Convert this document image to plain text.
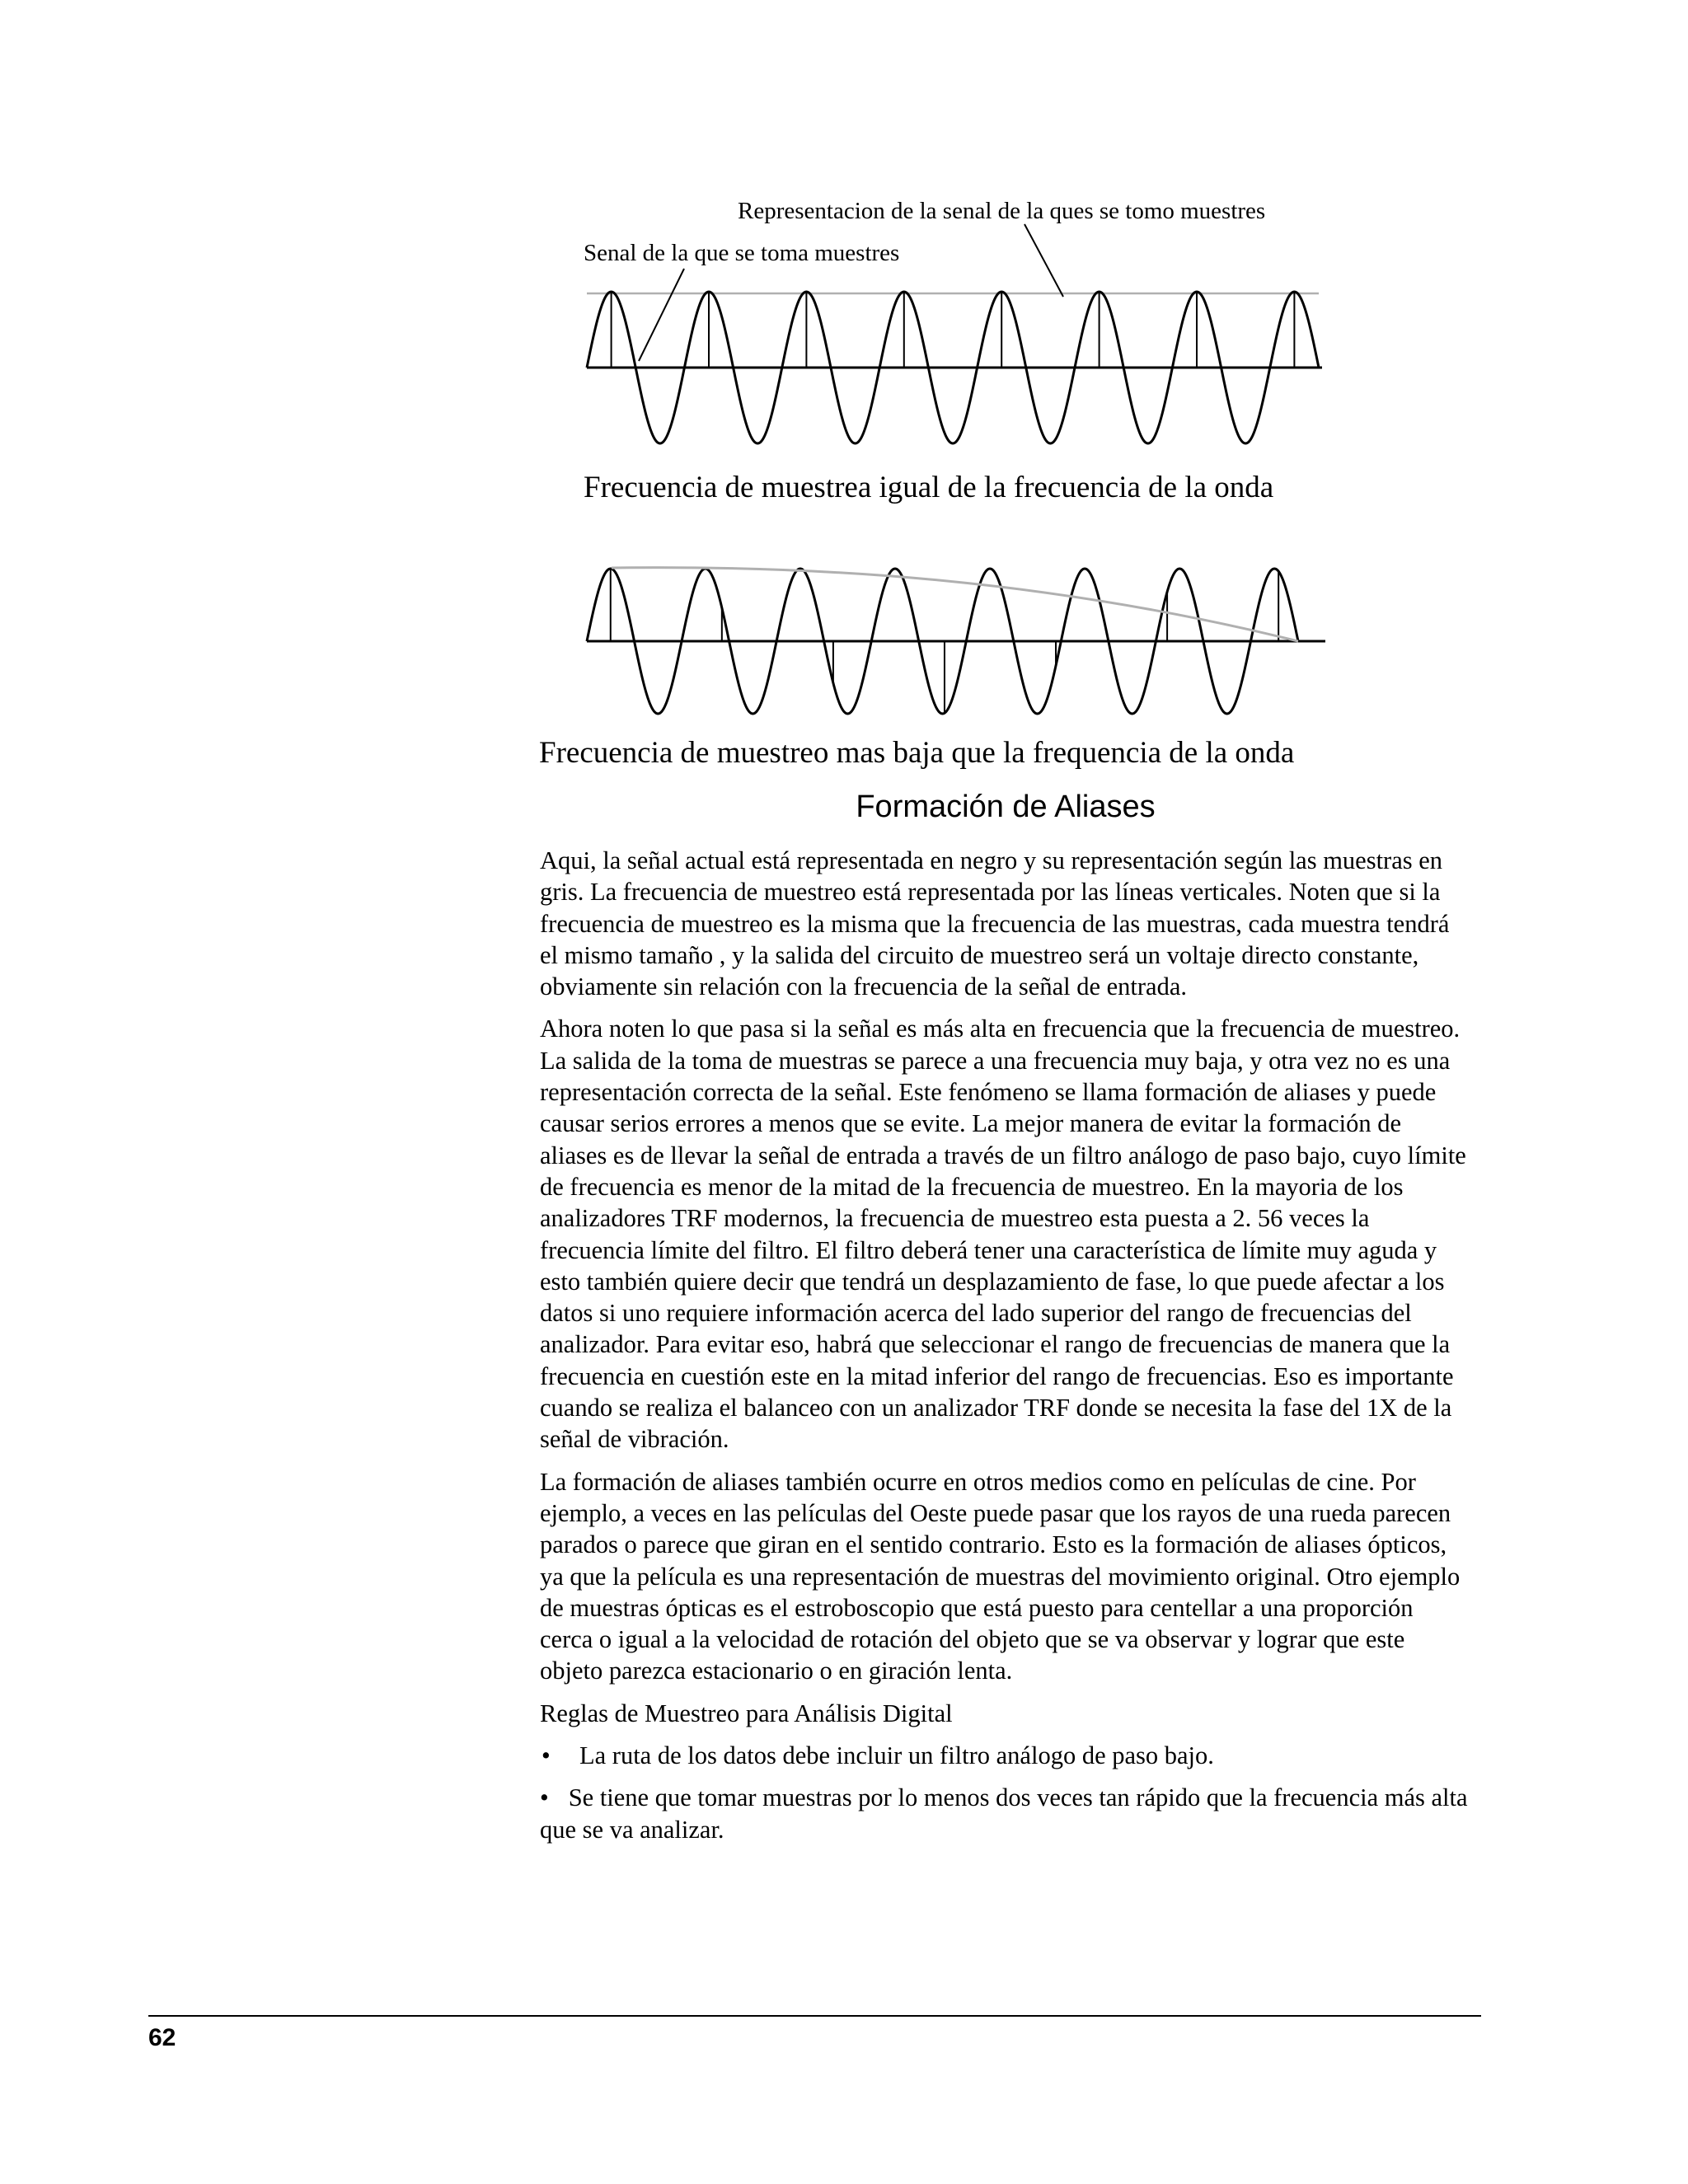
Representacion de la senal de la ques se tomo muestres
Senal de la que se toma muestres
Frecuencia de muestrea igual de la frecuencia de la onda
Frecuencia de muestreo mas baja que la frequencia de la onda
Formación de Aliases

Aqui, la señal actual está representada en negro y su representación según las muestras en gris. La frecuencia de muestreo está representada por las líneas verticales. Noten que si la frecuencia de muestreo es la misma que la frecuencia de las muestras, cada muestra tendrá el mismo tamaño , y la salida del circuito de muestreo será un voltaje directo constante, obviamente sin relación con la frecuencia de la señal de entrada.

Ahora noten lo que pasa si la señal es más alta en frecuencia que la frecuencia de muestreo. La salida de la toma de muestras se parece a una frecuencia muy baja, y otra vez no es una representación correcta de la señal. Este fenómeno se llama formación de aliases y puede causar serios errores a menos que se evite. La mejor manera de evitar la formación de aliases es de llevar la señal de entrada a través de un filtro análogo de paso bajo, cuyo límite de frecuencia es menor de la mitad de la frecuencia de muestreo. En la mayoria de los analizadores TRF modernos, la frecuencia de muestreo esta puesta a 2. 56 veces la frecuencia límite del filtro. El filtro deberá tener una característica de límite muy aguda y esto también quiere decir que tendrá un desplazamiento de fase, lo que puede afectar a los datos si uno requiere información acerca del lado superior del rango de frecuencias del analizador. Para evitar eso, habrá que seleccionar el rango de frecuencias de manera que la frecuencia en cuestión este en la mitad inferior del rango de frecuencias. Eso es importante cuando se realiza el balanceo con un analizador TRF donde se necesita la fase del 1X de la señal de vibración.

La formación de aliases también ocurre en otros medios como en películas de cine. Por ejemplo, a veces en las películas del Oeste puede pasar que los rayos de una rueda parecen parados o parece que giran en el sentido contrario. Esto es la formación de aliases ópticos, ya que la película es una representación de muestras del movimiento original. Otro ejemplo de muestras ópticas es el estroboscopio que está puesto para centellar a una proporción cerca o igual a la velocidad de rotación del objeto que se va observar y lograr que este objeto parezca estacionario o en giración lenta.

Reglas de Muestreo para Análisis Digital

• La ruta de los datos debe incluir un filtro análogo de paso bajo.

• Se tiene que tomar muestras por lo menos dos veces tan rápido que la frecuencia más alta que se va analizar.

62
